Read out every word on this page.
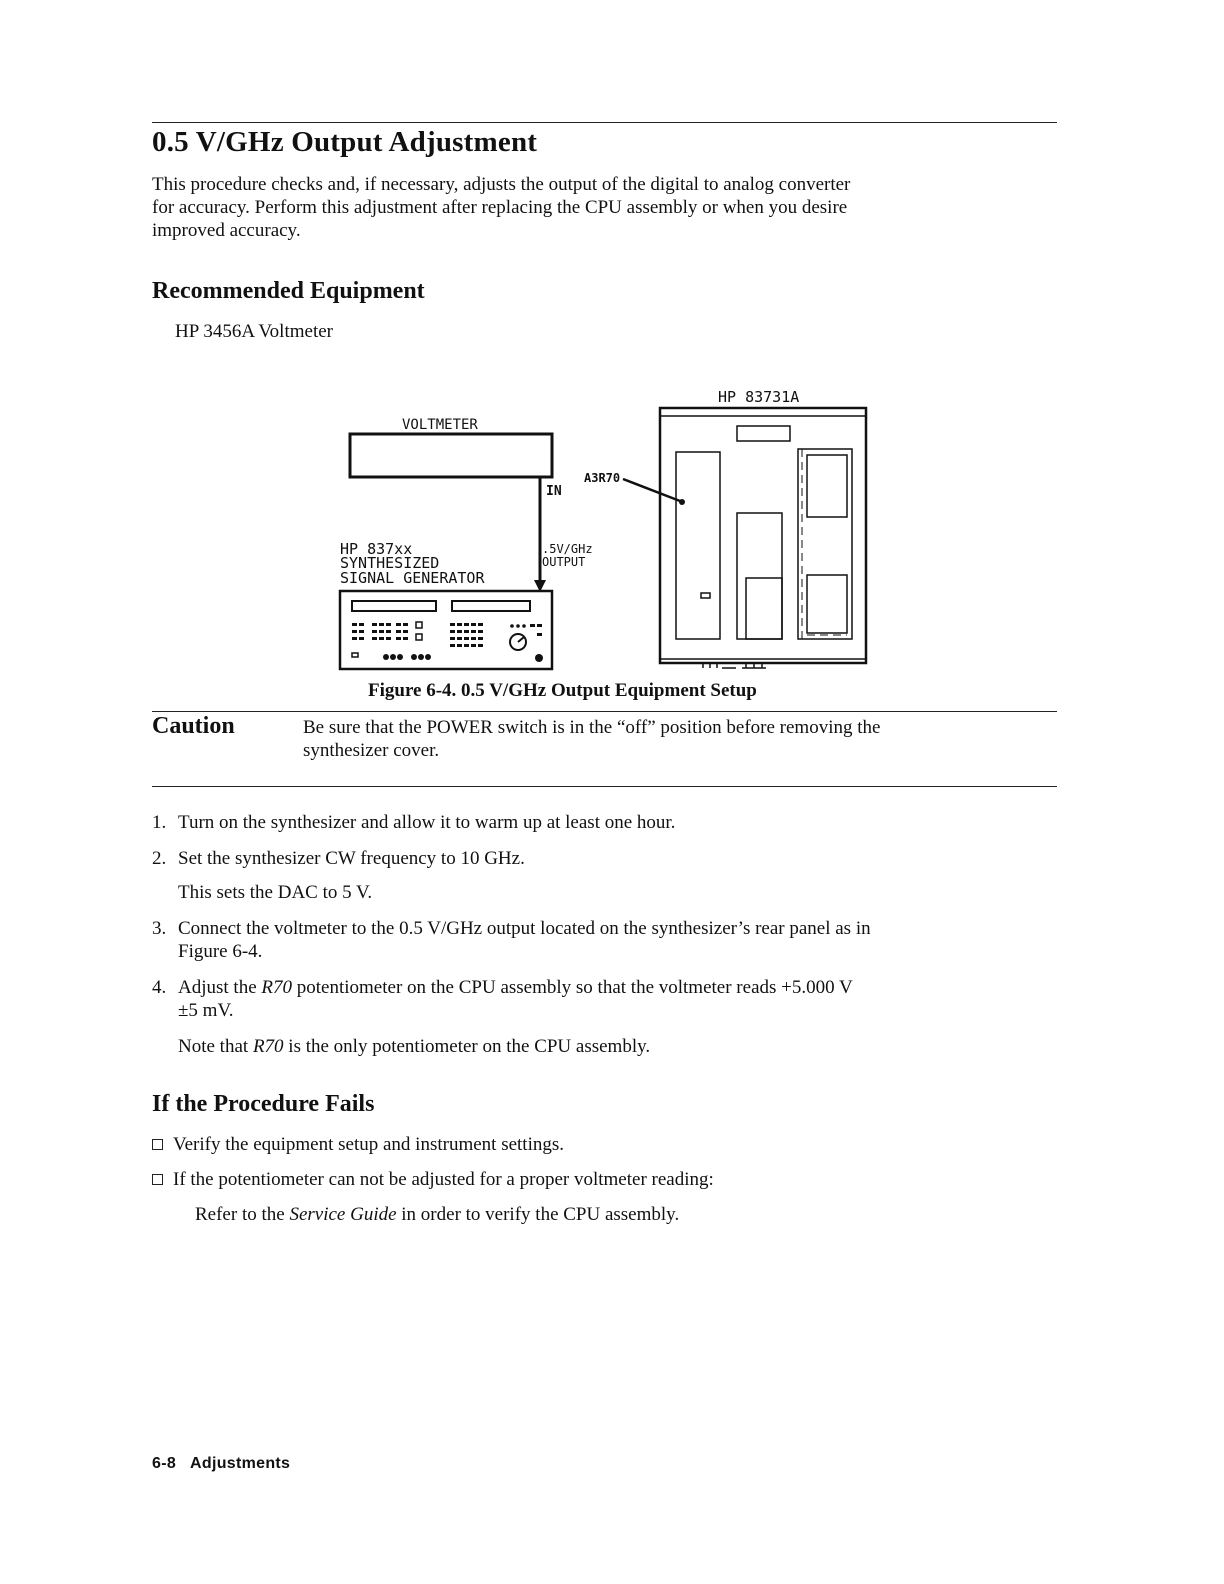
0.5 V/GHz Output Adjustment
This procedure checks and, if necessary, adjusts the output of the digital to analog converter
for accuracy. Perform this adjustment after replacing the CPU assembly or when you desire
improved accuracy.
Recommended Equipment
HP 3456A Voltmeter
VOLTMETER
IN
.5V/GHz
OUTPUT
HP 837xx
SYNTHESIZED
SIGNAL GENERATOR
A3R70
HP 83731A
Figure 6-4. 0.5 V/GHz Output Equipment Setup
Caution	Be sure that the POWER switch is in the “off” position before removing the
synthesizer cover.
1. Turn on the synthesizer and allow it to warm up at least one hour.
2. Set the synthesizer CW frequency to 10 GHz.
This sets the DAC to 5 V.
3. Connect the voltmeter to the 0.5 V/GHz output located on the synthesizer’s rear panel as in
Figure 6-4.
4. Adjust the R70 potentiometer on the CPU assembly so that the voltmeter reads +5.000 V
±5 mV.
Note that R70 is the only potentiometer on the CPU assembly.
If the Procedure Fails
Verify the equipment setup and instrument settings.
If the potentiometer can not be adjusted for a proper voltmeter reading:
Refer to the Service Guide in order to verify the CPU assembly.
6-8 Adjustments
